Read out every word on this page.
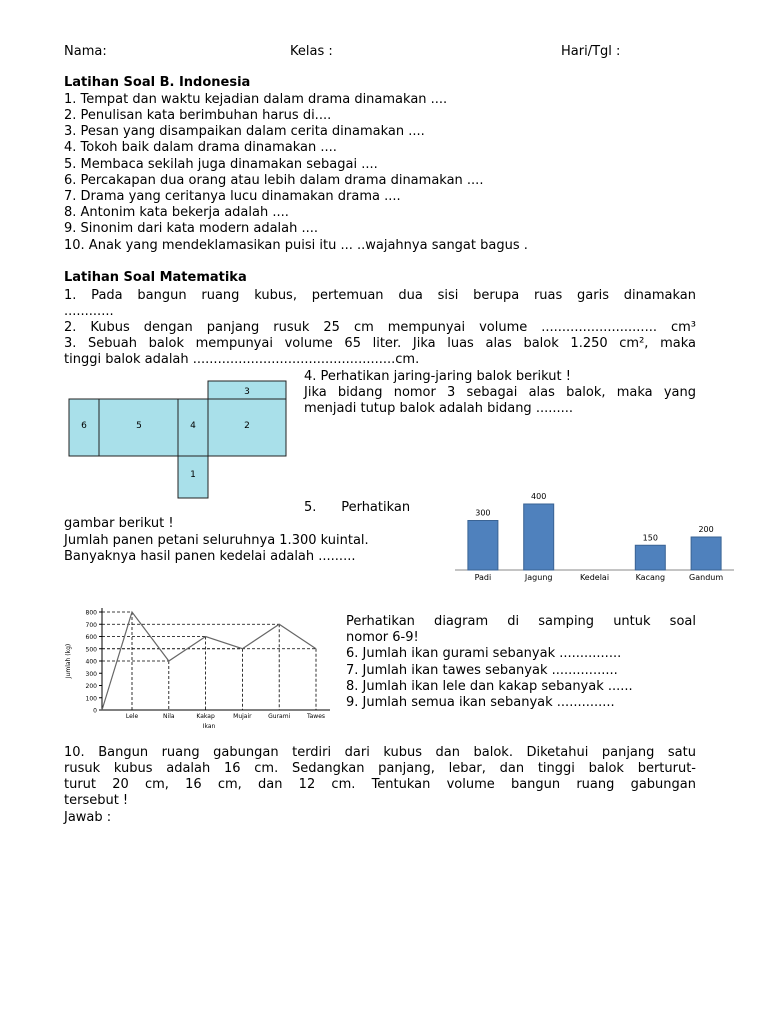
Nama:	Kelas :	Hari/Tgl :
Latihan Soal B. Indonesia
1. Tempat dan waktu kejadian dalam drama dinamakan ....
2. Penulisan kata berimbuhan harus di....
3. Pesan yang disampaikan dalam cerita dinamakan ....
4. Tokoh baik dalam drama dinamakan ....
5. Membaca sekilah juga dinamakan sebagai ....
6. Percakapan dua orang atau lebih dalam drama dinamakan ....
7. Drama yang ceritanya lucu dinamakan drama ....
8. Antonim kata bekerja adalah ....
9. Sinonim dari kata modern adalah ....
10. Anak yang mendeklamasikan puisi itu ... ..wajahnya sangat bagus .
Latihan Soal Matematika
1. Pada bangun ruang kubus, pertemuan dua sisi berupa ruas garis dinamakan
............
2. Kubus dengan panjang rusuk 25 cm mempunyai volume ............................ cm³
3. Sebuah balok mempunyai volume 65 liter. Jika luas alas balok 1.250 cm², maka
tinggi balok adalah .................................................cm.
4. Perhatikan jaring-jaring balok berikut !
Jika bidang nomor 3 sebagai alas balok, maka yang
menjadi tutup balok adalah bidang .........
6	5	4	2
3
1
5.      Perhatikan
gambar berikut !
Jumlah panen petani seluruhnya 1.300 kuintal.
Banyaknya hasil panen kedelai adalah .........
300
Padi
400
Jagung	Kedelai
150
Kacang
200
Gandum
0
100
200
300
400
500
600
700
800
Lele	Nila	Kakap	Mujair	Gurami	Tawes
Ikan
Jumlah (kg)
Perhatikan diagram di samping untuk soal
nomor 6-9!
6. Jumlah ikan gurami sebanyak ...............
7. Jumlah ikan tawes sebanyak ................
8. Jumlah ikan lele dan kakap sebanyak ......
9. Jumlah semua ikan sebanyak ..............
10. Bangun ruang gabungan terdiri dari kubus dan balok. Diketahui panjang satu
rusuk kubus adalah 16 cm. Sedangkan panjang, lebar, dan tinggi balok berturut-
turut 20 cm, 16 cm, dan 12 cm. Tentukan volume bangun ruang gabungan
tersebut !
Jawab :
